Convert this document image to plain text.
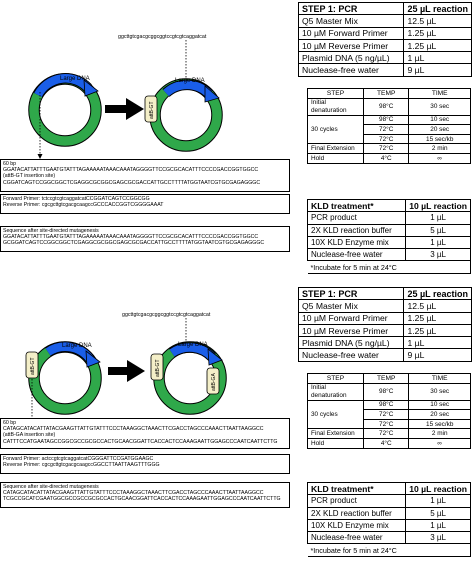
Large DNA
ggcttgtcgacgcggcggtccgtcgtcaggatcat
Large DNA
attB-GT
60 bp
GGATACATTATTTGAATGTATTTAGAAAAATAAACAAATAGGGGTTCCGCGCACATTTCCCCGACCGGTGGCC
(attB-GT insertion site)
CGGATCAGTCCGGCGGCTCGAGGCGCGGCGAGCGCGACCATTGCCTTTTATGGTAATCGTGCGAGAGGGC
Forward Primer: tctccgtcgtcaggatcatCCGGATCAGTCCGGCGG
Reverse Primer: cgcgcttgtcgacgcaagccGCCCACCGGTCGGGGAAAT
Sequence after site-directed mutagenesis
GGATACATTATTTGAATGTATTTAGAAAAATAAACAAATAGGGGTTCCGCGCACATTTCCCCGACCGGTGGCC
GCGGATCAGTCCGGCGGCTCGAGGCGCGGCGAGCGCGACCATTGCCTTTTATGGTAATCGTGCGAGAGGGC
STEP 1: PCR	25 µL reaction
Q5 Master Mix	12.5 µL
10 µM Forward Primer	1.25 µL
10 µM Reverse Primer	1.25 µL
Plasmid DNA (5 ng/µL)	1 µL
Nuclease-free water	9 µL
STEP	TEMP	TIME
Initial denaturation	98°C	30 sec
30 cycles	98°C	10 sec
	72°C	20 sec
	72°C	15 sec/kb
Final Extension	72°C	2 min
Hold	4°C	∞
KLD treatment*	10 µL reaction
PCR product	1 µL
2X KLD reaction buffer	5 µL
10X KLD Enzyme mix	1 µL
Nuclease-free water	3 µL
*Incubate for 5 min at 24°C	
Large DNA
attB-GT
ggcttgtcgacgcggcggtccgtcgtcaggatcat
Large DNA
attB-GT
attB-GA
60 bp
CATAGCATACATTATACGAAGTTATTGTATTTCCCTAAAGGCTAAACTTCGACCTAGCCCAAACTTAATTAAGGCC
(attB-GA insertion site)
CATTTCCATGAATAGCCGGCGCCGCGCCACTGCAACGGATTCACCACTCCAAAGAATTGGAGCCCAATCAATTCTTG
Forward Primer: actccgtcgtcaggatcatCGGGATTCCGATGGAAGC
Reverse Primer: cgcgcttgtcgacgcaagccGGCCTTAATTAAGTTTGGG
Sequence after site-directed mutagenesis
CATAGCATACATTATACGAAGTTATTGTATTTCCCTAAAGGCTAAACTTCGACCTAGCCCAAACTTAATTAAGGCC
TCGCCGCATCGAATGGCGCCGCCGCGCCACTGCAACGGATTCACCACTCCAAAGAATTGGAGCCCAATCAATTCTTG
STEP 1: PCR	25 µL reaction
Q5 Master Mix	12.5 µL
10 µM Forward Primer	1.25 µL
10 µM Reverse Primer	1.25 µL
Plasmid DNA (5 ng/µL)	1 µL
Nuclease-free water	9 µL
STEP	TEMP	TIME
Initial denaturation	98°C	30 sec
30 cycles	98°C	10 sec
	72°C	20 sec
	72°C	15 sec/kb
Final Extension	72°C	2 min
Hold	4°C	∞
KLD treatment*	10 µL reaction
PCR product	1 µL
2X KLD reaction buffer	5 µL
10X KLD Enzyme mix	1 µL
Nuclease-free water	3 µL
*Incubate for 5 min at 24°C	
